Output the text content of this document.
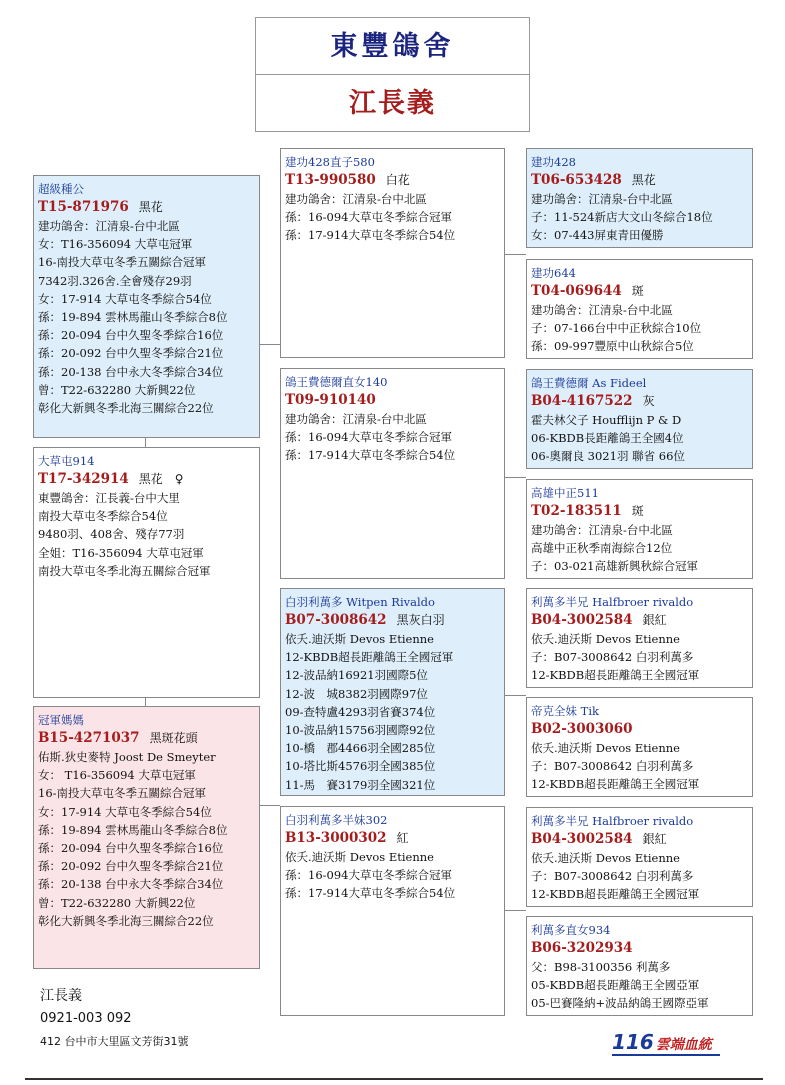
東豐鴿舍
江長義
超級種公
T15-871976 黑花
建功鴿舍：江清泉-台中北區
女：T16-356094 大草屯冠軍
16-南投大草屯冬季五關綜合冠軍
7342羽.326舍.全會殘存29羽
女：17-914 大草屯冬季綜合54位
孫：19-894 雲林馬龍山冬季綜合8位
孫：20-094 台中久聖冬季綜合16位
孫：20-092 台中久聖冬季綜合21位
孫：20-138 台中永大冬季綜合34位
曾：T22-632280 大新興22位
彰化大新興冬季北海三關綜合22位
大草屯914
T17-342914 黑花　♀
東豐鴿舍：江長義-台中大里
南投大草屯冬季綜合54位
9480羽、408舍、殘存77羽
全姐：T16-356094 大草屯冠軍
南投大草屯冬季北海五關綜合冠軍
冠軍媽媽
B15-4271037 黑斑花頭
佑斯.狄史麥特 Joost De Smeyter
女： T16-356094 大草屯冠軍
16-南投大草屯冬季五關綜合冠軍
女：17-914 大草屯冬季綜合54位
孫：19-894 雲林馬龍山冬季綜合8位
孫：20-094 台中久聖冬季綜合16位
孫：20-092 台中久聖冬季綜合21位
孫：20-138 台中永大冬季綜合34位
曾：T22-632280 大新興22位
彰化大新興冬季北海三關綜合22位
建功428直子580
T13-990580 白花
建功鴿舍：江清泉-台中北區
孫：16-094大草屯冬季綜合冠軍
孫：17-914大草屯冬季綜合54位
鴿王費德爾直女140
T09-910140
建功鴿舍：江清泉-台中北區
孫：16-094大草屯冬季綜合冠軍
孫：17-914大草屯冬季綜合54位
白羽利萬多 Witpen Rivaldo
B07-3008642 黑灰白羽
依夭.迪沃斯 Devos Etienne
12-KBDB超長距離鴿王全國冠軍
12-波品納16921羽國際5位
12-波　城8382羽國際97位
09-查特盧4293羽省賽374位
10-波品納15756羽國際92位
10-橋　郡4466羽全國285位
10-塔比斯4576羽全國385位
11-馬　賽3179羽全國321位
白羽利萬多半妹302
B13-3000302 紅
依夭.迪沃斯 Devos Etienne
孫：16-094大草屯冬季綜合冠軍
孫：17-914大草屯冬季綜合54位
建功428
T06-653428 黑花
建功鴿舍：江清泉-台中北區
子：11-524新店大文山冬綜合18位
女：07-443屏東青田優勝
建功644
T04-069644 斑
建功鴿舍：江清泉-台中北區
子：07-166台中中正秋綜合10位
孫：09-997豐原中山秋綜合5位
鴿王費德爾 As Fideel
B04-4167522 灰
霍夫林父子 Houfflijn P & D
06-KBDB長距離鴿王全國4位
06-奧爾良 3021羽 聯省 66位
高雄中正511
T02-183511 斑
建功鴿舍：江清泉-台中北區
高雄中正秋季南海綜合12位
子：03-021高雄新興秋綜合冠軍
利萬多半兄 Halfbroer rivaldo
B04-3002584 銀紅
依夭.迪沃斯 Devos Etienne
子：B07-3008642 白羽利萬多
12-KBDB超長距離鴿王全國冠軍
帝克全妹 Tik
B02-3003060
依夭.迪沃斯 Devos Etienne
子：B07-3008642 白羽利萬多
12-KBDB超長距離鴿王全國冠軍
利萬多半兄 Halfbroer rivaldo
B04-3002584 銀紅
依夭.迪沃斯 Devos Etienne
子：B07-3008642 白羽利萬多
12-KBDB超長距離鴿王全國冠軍
利萬多直女934
B06-3202934
父：B98-3100356 利萬多
05-KBDB超長距離鴿王全國亞軍
05-巴賽隆納+波品納鴿王國際亞軍
江長義
0921-003 092
412 台中市大里區文芳街31號	116 雲端血統
